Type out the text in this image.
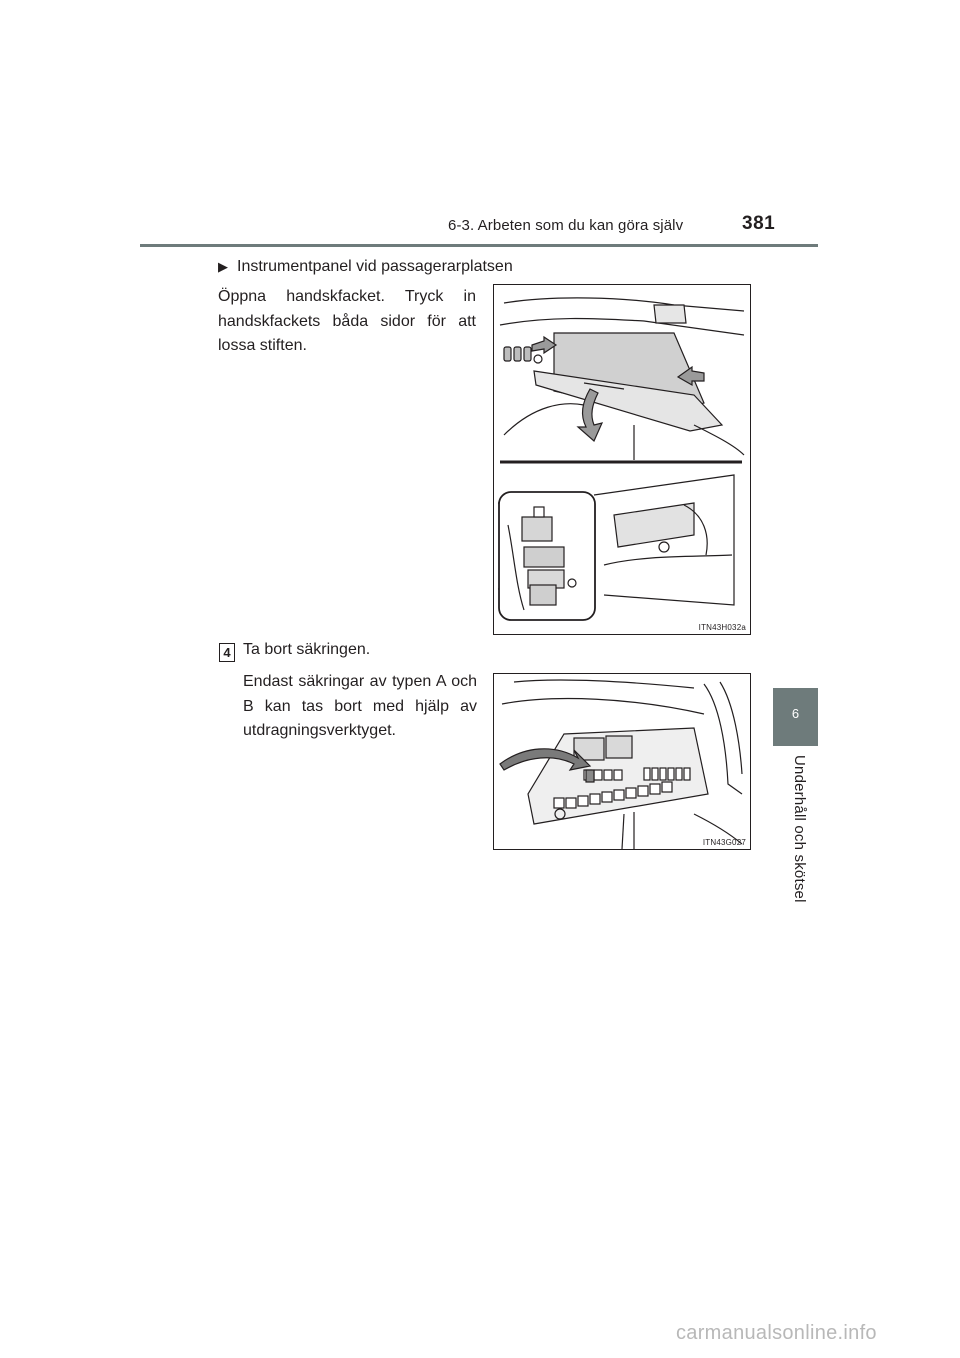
6-3. Arbeten som du kan göra själv	381
6
Underhåll och skötsel
▶ Instrumentpanel vid passagerarplatsen
Öppna handskfacket. Tryck in handskfackets båda sidor för att lossa stiften.
4 Ta bort säkringen.
Endast säkringar av typen A och B kan tas bort med hjälp av utdragningsverktyget.
ITN43H032a
ITN43G027
carmanualsonline.info
